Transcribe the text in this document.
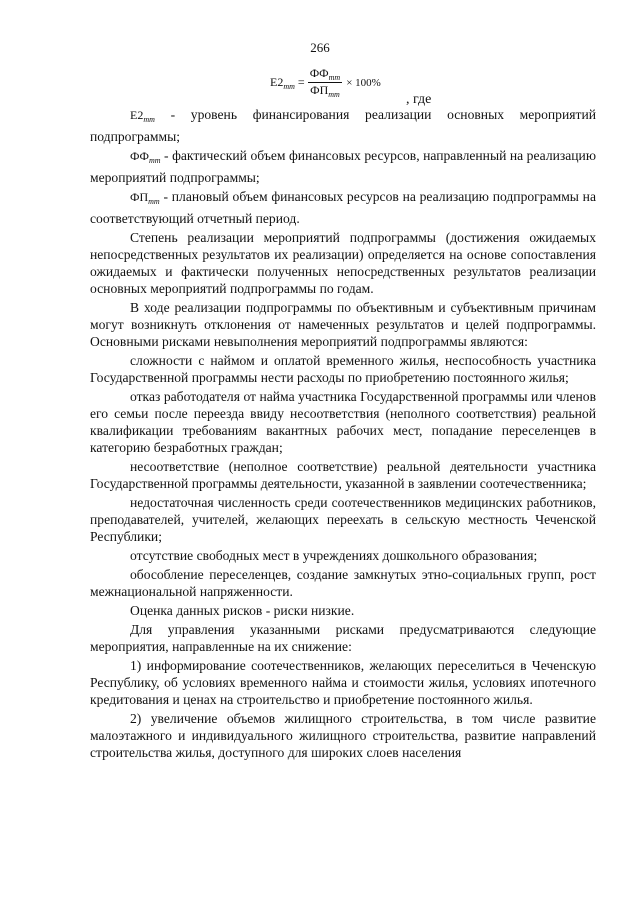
266
$E2_{тт} = \frac{ФФ_{тт}}{ФП_{тт}} \times 100\%$
, где

$E2_{тт}$ - уровень финансирования реализации основных мероприятий подпрограммы;

$ФФ_{тт}$ - фактический объем финансовых ресурсов, направленный на реализацию мероприятий подпрограммы;

$ФП_{тт}$ - плановый объем финансовых ресурсов на реализацию подпрограммы на соответствующий отчетный период.

Степень реализации мероприятий подпрограммы (достижения ожидаемых непосредственных результатов их реализации) определяется на основе сопоставления ожидаемых и фактически полученных непосредственных результатов реализации основных мероприятий подпрограммы по годам.

В ходе реализации подпрограммы по объективным и субъективным причинам могут возникнуть отклонения от намеченных результатов и целей подпрограммы. Основными рисками невыполнения мероприятий подпрограммы являются:

сложности с наймом и оплатой временного жилья, неспособность участника Государственной программы нести расходы по приобретению постоянного жилья;

отказ работодателя от найма участника Государственной программы или членов его семьи после переезда ввиду несоответствия (неполного соответствия) реальной квалификации требованиям вакантных рабочих мест, попадание переселенцев в категорию безработных граждан;

несоответствие (неполное соответствие) реальной деятельности участника Государственной программы деятельности, указанной в заявлении соотечественника;

недостаточная численность среди соотечественников медицинских работников, преподавателей, учителей, желающих переехать в сельскую местность Чеченской Республики;

отсутствие свободных мест в учреждениях дошкольного образования;

обособление переселенцев, создание замкнутых этно-социальных групп, рост межнациональной напряженности.

Оценка данных рисков - риски низкие.

Для управления указанными рисками предусматриваются следующие мероприятия, направленные на их снижение:

1) информирование соотечественников, желающих переселиться в Чеченскую Республику, об условиях временного найма и стоимости жилья, условиях ипотечного кредитования и ценах на строительство и приобретение постоянного жилья.

2) увеличение объемов жилищного строительства, в том числе развитие малоэтажного и индивидуального жилищного строительства, развитие направлений строительства жилья, доступного для широких слоев населения
